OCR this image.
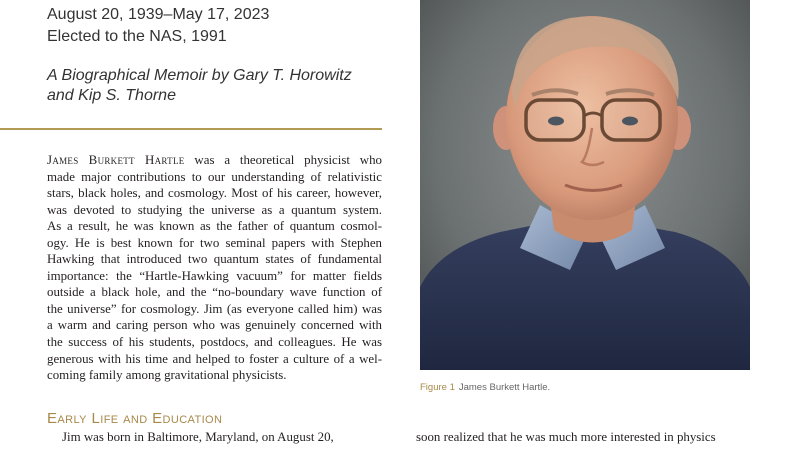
August 20, 1939–May 17, 2023
Elected to the NAS, 1991
A Biographical Memoir by Gary T. Horowitz
and Kip S. Thorne
James Burkett Hartle was a theoretical physicist who
made major contributions to our understanding of relativistic
stars, black holes, and cosmology. Most of his career, however,
was devoted to studying the universe as a quantum system.
As a result, he was known as the father of quantum cosmol-
ogy. He is best known for two seminal papers with Stephen
Hawking that introduced two quantum states of fundamental
importance: the “Hartle-Hawking vacuum” for matter fields
outside a black hole, and the “no-boundary wave function of
the universe” for cosmology. Jim (as everyone called him) was
a warm and caring person who was genuinely concerned with
the success of his students, postdocs, and colleagues. He was
generous with his time and helped to foster a culture of a wel-
coming family among gravitational physicists.
Early Life and Education
Jim was born in Baltimore, Maryland, on August 20,	soon realized that he was much more interested in physics
Figure 1 James Burkett Hartle.
